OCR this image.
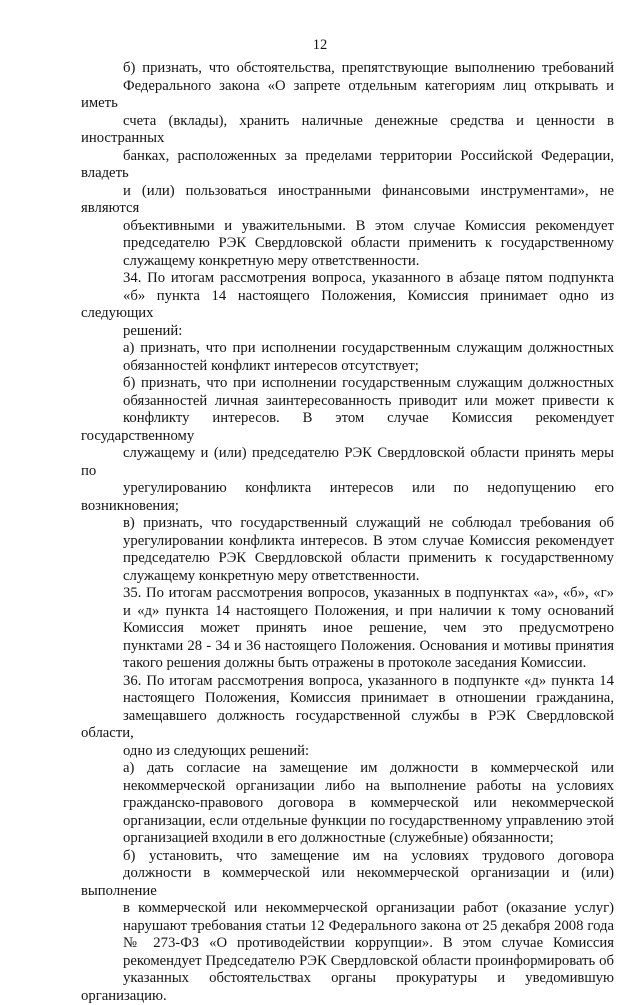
12

б) признать, что обстоятельства, препятствующие выполнению требований
Федерального закона «О запрете отдельным категориям лиц открывать и иметь
счета (вклады), хранить наличные денежные средства и ценности в иностранных
банках, расположенных за пределами территории Российской Федерации, владеть
и (или) пользоваться иностранными финансовыми инструментами», не являются
объективными и уважительными. В этом случае Комиссия рекомендует
председателю РЭК Свердловской области применить к государственному
служащему конкретную меру ответственности.

34. По итогам рассмотрения вопроса, указанного в абзаце пятом подпункта
«б» пункта 14 настоящего Положения, Комиссия принимает одно из следующих
решений:

а) признать, что при исполнении государственным служащим должностных
обязанностей конфликт интересов отсутствует;

б) признать, что при исполнении государственным служащим должностных
обязанностей личная заинтересованность приводит или может привести к
конфликту интересов. В этом случае Комиссия рекомендует государственному
служащему и (или) председателю РЭК Свердловской области принять меры по
урегулированию конфликта интересов или по недопущению его возникновения;

в) признать, что государственный служащий не соблюдал требования об
урегулировании конфликта интересов. В этом случае Комиссия рекомендует
председателю РЭК Свердловской области применить к государственному
служащему конкретную меру ответственности.

35. По итогам рассмотрения вопросов, указанных в подпунктах «а», «б», «г»
и «д» пункта 14 настоящего Положения, и при наличии к тому оснований
Комиссия может принять иное решение, чем это предусмотрено
пунктами 28 - 34 и 36 настоящего Положения. Основания и мотивы принятия
такого решения должны быть отражены в протоколе заседания Комиссии.

36. По итогам рассмотрения вопроса, указанного в подпункте «д» пункта 14
настоящего Положения, Комиссия принимает в отношении гражданина,
замещавшего должность государственной службы в РЭК Свердловской области,
одно из следующих решений:

а) дать согласие на замещение им должности в коммерческой или
некоммерческой организации либо на выполнение работы на условиях
гражданско-правового договора в коммерческой или некоммерческой
организации, если отдельные функции по государственному управлению этой
организацией входили в его должностные (служебные) обязанности;

б) установить, что замещение им на условиях трудового договора
должности в коммерческой или некоммерческой организации и (или) выполнение
в коммерческой или некоммерческой организации работ (оказание услуг)
нарушают требования статьи 12 Федерального закона от 25 декабря 2008 года
№ 273-ФЗ «О противодействии коррупции». В этом случае Комиссия
рекомендует Председателю РЭК Свердловской области проинформировать об
указанных обстоятельствах органы прокуратуры и уведомившую организацию.
